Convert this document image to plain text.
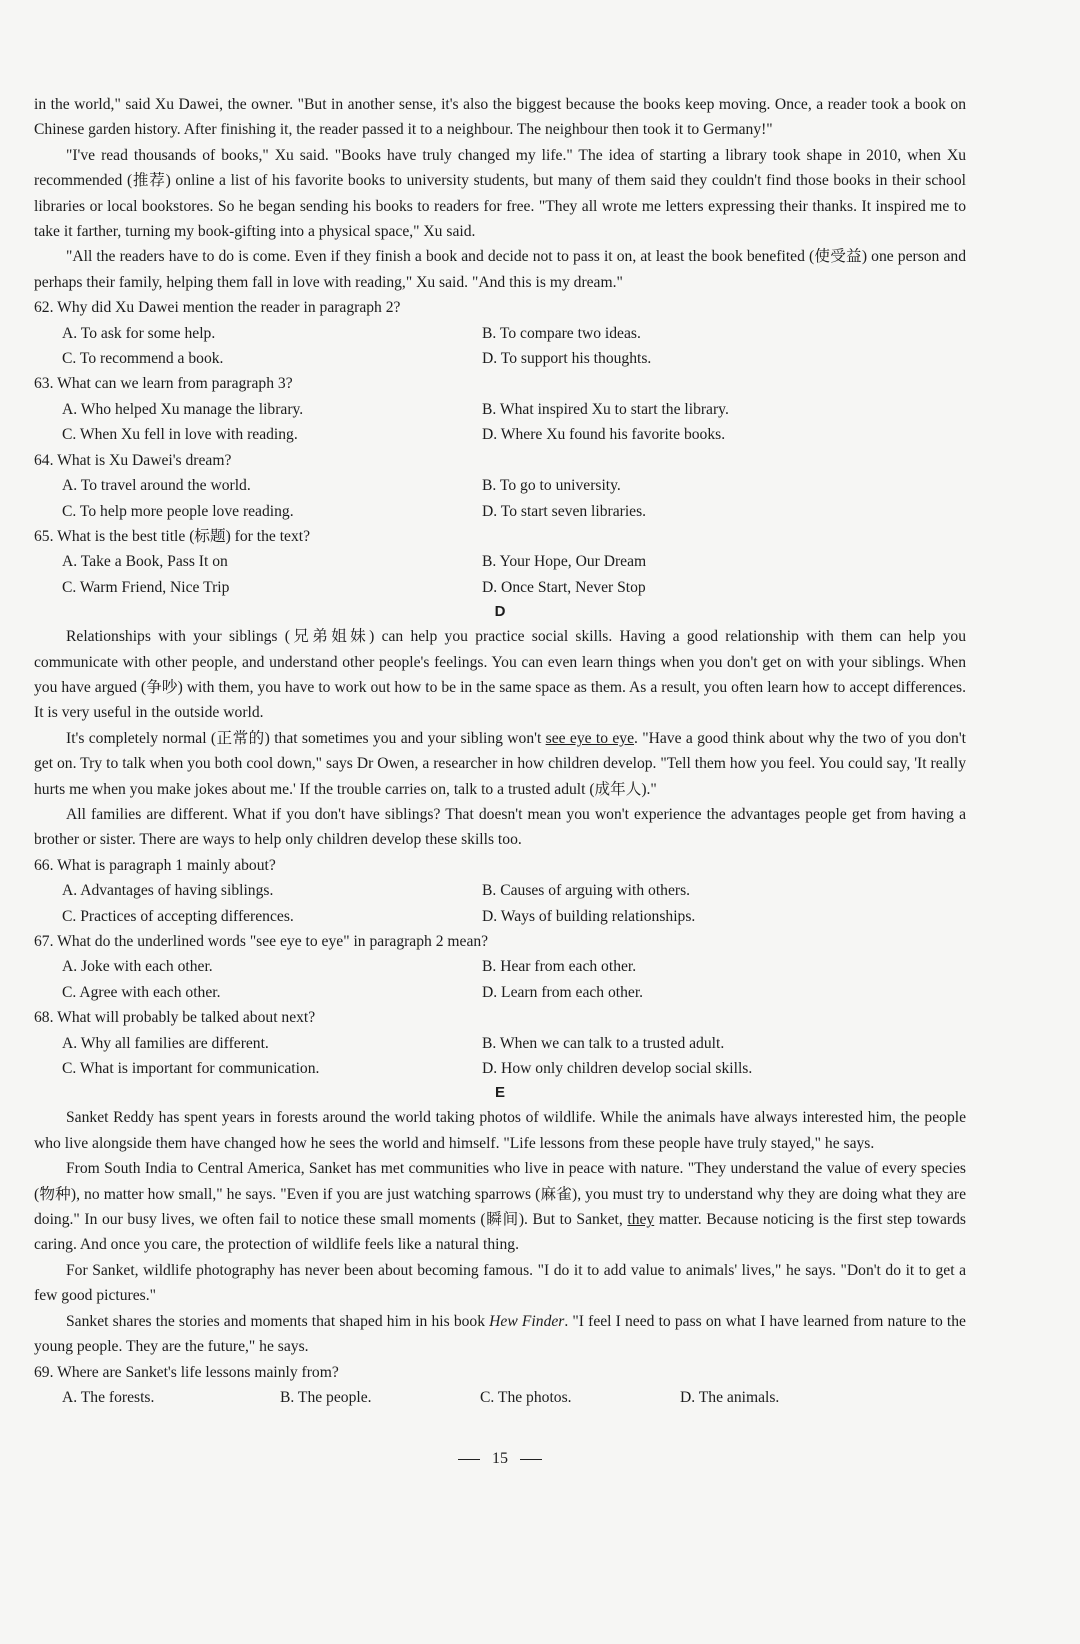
in the world," said Xu Dawei, the owner. "But in another sense, it's also the biggest because the books keep moving. Once, a reader took a book on Chinese garden history. After finishing it, the reader passed it to a neighbour. The neighbour then took it to Germany!"

"I've read thousands of books," Xu said. "Books have truly changed my life." The idea of starting a library took shape in 2010, when Xu recommended (推荐) online a list of his favorite books to university students, but many of them said they couldn't find those books in their school libraries or local bookstores. So he began sending his books to readers for free. "They all wrote me letters expressing their thanks. It inspired me to take it farther, turning my book-gifting into a physical space," Xu said.

"All the readers have to do is come. Even if they finish a book and decide not to pass it on, at least the book benefited (使受益) one person and perhaps their family, helping them fall in love with reading," Xu said. "And this is my dream."

62. Why did Xu Dawei mention the reader in paragraph 2?

A. To ask for some help.	B. To compare two ideas.
C. To recommend a book.	D. To support his thoughts.

63. What can we learn from paragraph 3?

A. Who helped Xu manage the library.	B. What inspired Xu to start the library.
C. When Xu fell in love with reading.	D. Where Xu found his favorite books.

64. What is Xu Dawei's dream?

A. To travel around the world.	B. To go to university.
C. To help more people love reading.	D. To start seven libraries.

65. What is the best title (标题) for the text?

A. Take a Book, Pass It on	B. Your Hope, Our Dream
C. Warm Friend, Nice Trip	D. Once Start, Never Stop

D

Relationships with your siblings (兄弟姐妹) can help you practice social skills. Having a good relationship with them can help you communicate with other people, and understand other people's feelings. You can even learn things when you don't get on with your siblings. When you have argued (争吵) with them, you have to work out how to be in the same space as them. As a result, you often learn how to accept differences. It is very useful in the outside world.

It's completely normal (正常的) that sometimes you and your sibling won't see eye to eye. "Have a good think about why the two of you don't get on. Try to talk when you both cool down," says Dr Owen, a researcher in how children develop. "Tell them how you feel. You could say, 'It really hurts me when you make jokes about me.' If the trouble carries on, talk to a trusted adult (成年人)."

All families are different. What if you don't have siblings? That doesn't mean you won't experience the advantages people get from having a brother or sister. There are ways to help only children develop these skills too.

66. What is paragraph 1 mainly about?

A. Advantages of having siblings.	B. Causes of arguing with others.
C. Practices of accepting differences.	D. Ways of building relationships.

67. What do the underlined words "see eye to eye" in paragraph 2 mean?

A. Joke with each other.	B. Hear from each other.
C. Agree with each other.	D. Learn from each other.

68. What will probably be talked about next?

A. Why all families are different.	B. When we can talk to a trusted adult.
C. What is important for communication.	D. How only children develop social skills.

E

Sanket Reddy has spent years in forests around the world taking photos of wildlife. While the animals have always interested him, the people who live alongside them have changed how he sees the world and himself. "Life lessons from these people have truly stayed," he says.

From South India to Central America, Sanket has met communities who live in peace with nature. "They understand the value of every species (物种), no matter how small," he says. "Even if you are just watching sparrows (麻雀), you must try to understand why they are doing what they are doing." In our busy lives, we often fail to notice these small moments (瞬间). But to Sanket, they matter. Because noticing is the first step towards caring. And once you care, the protection of wildlife feels like a natural thing.

For Sanket, wildlife photography has never been about becoming famous. "I do it to add value to animals' lives," he says. "Don't do it to get a few good pictures."

Sanket shares the stories and moments that shaped him in his book Hew Finder. "I feel I need to pass on what I have learned from nature to the young people. They are the future," he says.

69. Where are Sanket's life lessons mainly from?

A. The forests.	B. The people.	C. The photos.	D. The animals.
15
